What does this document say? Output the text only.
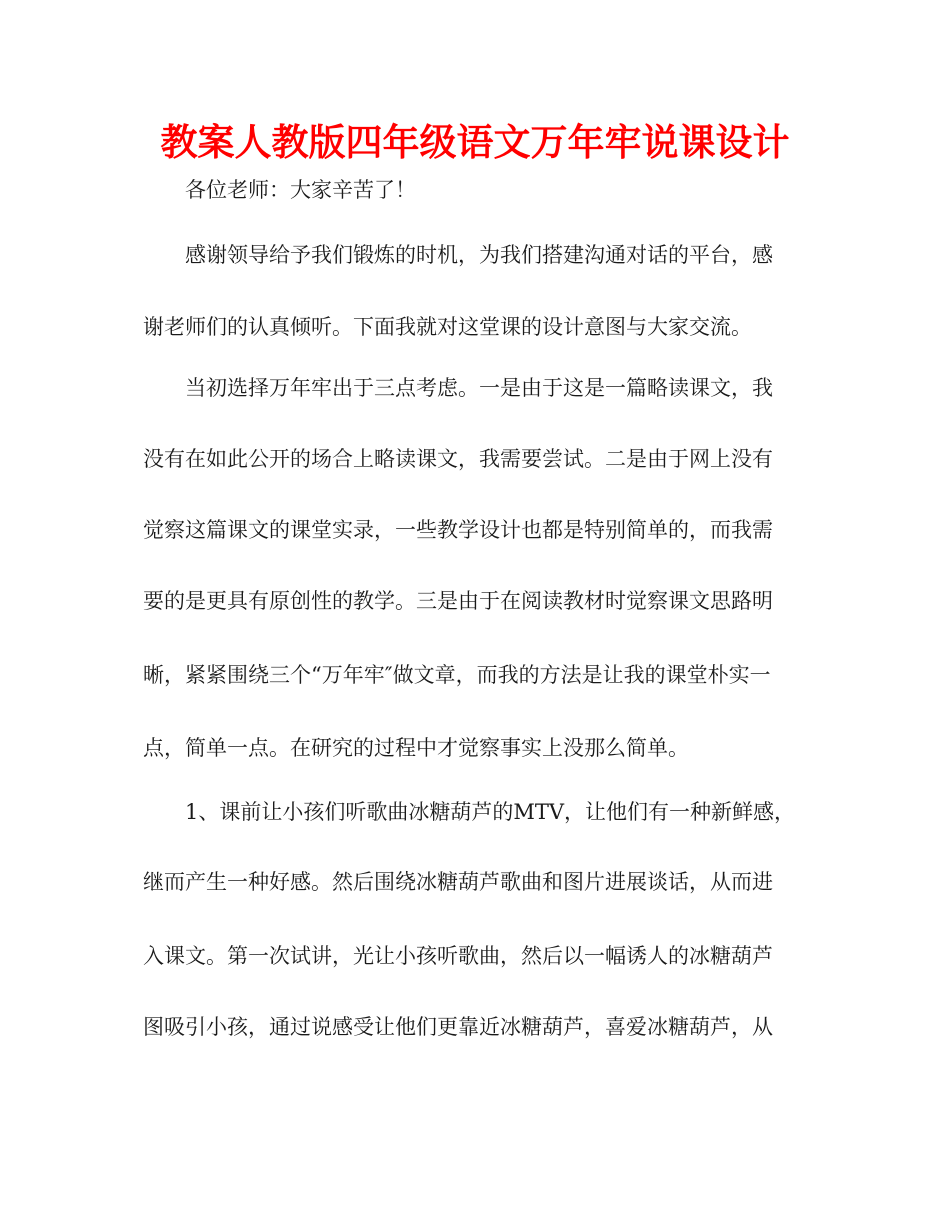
教案人教版四年级语文万年牢说课设计
各位老师：大家辛苦了！
感谢领导给予我们锻炼的时机，为我们搭建沟通对话的平台，感
谢老师们的认真倾听。下面我就对这堂课的设计意图与大家交流。
当初选择万年牢出于三点考虑。一是由于这是一篇略读课文，我
没有在如此公开的场合上略读课文，我需要尝试。二是由于网上没有
觉察这篇课文的课堂实录，一些教学设计也都是特别简单的，而我需
要的是更具有原创性的教学。三是由于在阅读教材时觉察课文思路明
晰，紧紧围绕三个“万年牢″做文章，而我的方法是让我的课堂朴实一
点，简单一点。在研究的过程中才觉察事实上没那么简单。
1、课前让小孩们听歌曲冰糖葫芦的MTV，让他们有一种新鲜感，
继而产生一种好感。然后围绕冰糖葫芦歌曲和图片进展谈话，从而进
入课文。第一次试讲，光让小孩听歌曲，然后以一幅诱人的冰糖葫芦
图吸引小孩，通过说感受让他们更靠近冰糖葫芦，喜爱冰糖葫芦，从
